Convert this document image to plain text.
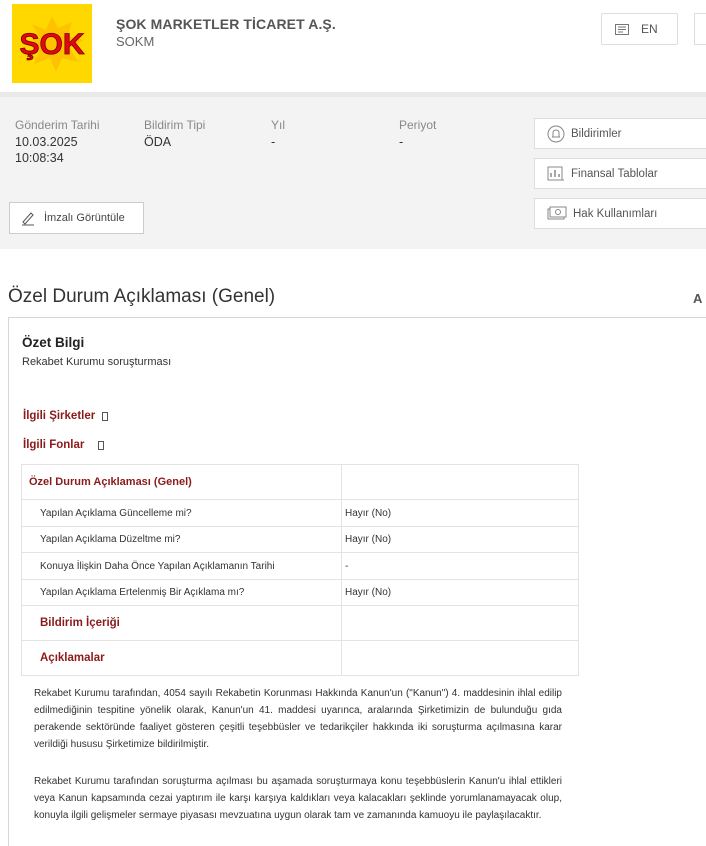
ŞOK
ŞOK MARKETLER TİCARET A.Ş.
SOKM
EN
Gönderim Tarihi
10.03.2025
10:08:34
Bildirim Tipi
ÖDA
Yıl
-
Periyot
-
Bildirimler
Finansal Tablolar
Hak Kullanımları
İmzalı Görüntüle
Özel Durum Açıklaması (Genel)	A
Özet Bilgi
Rekabet Kurumu soruşturması
İlgili Şirketler
İlgili Fonlar
Özel Durum Açıklaması (Genel)
Yapılan Açıklama Güncelleme mi?	Hayır (No)
Yapılan Açıklama Düzeltme mi?	Hayır (No)
Konuya İlişkin Daha Önce Yapılan Açıklamanın Tarihi	-
Yapılan Açıklama Ertelenmiş Bir Açıklama mı?	Hayır (No)
Bildirim İçeriği
Açıklamalar
Rekabet Kurumu tarafından, 4054 sayılı Rekabetin Korunması Hakkında Kanun'un ("Kanun") 4. maddesinin ihlal edilip edilmediğinin tespitine yönelik olarak, Kanun'un 41. maddesi uyarınca, aralarında Şirketimizin de bulunduğu gıda perakende sektöründe faaliyet gösteren çeşitli teşebbüsler ve tedarikçiler hakkında iki soruşturma açılmasına karar verildiği hususu Şirketimize bildirilmiştir.
Rekabet Kurumu tarafından soruşturma açılması bu aşamada soruşturmaya konu teşebbüslerin Kanun'u ihlal ettikleri veya Kanun kapsamında cezai yaptırım ile karşı karşıya kaldıkları veya kalacakları şeklinde yorumlanamayacak olup, konuyla ilgili gelişmeler sermaye piyasası mevzuatına uygun olarak tam ve zamanında kamuoyu ile paylaşılacaktır.
